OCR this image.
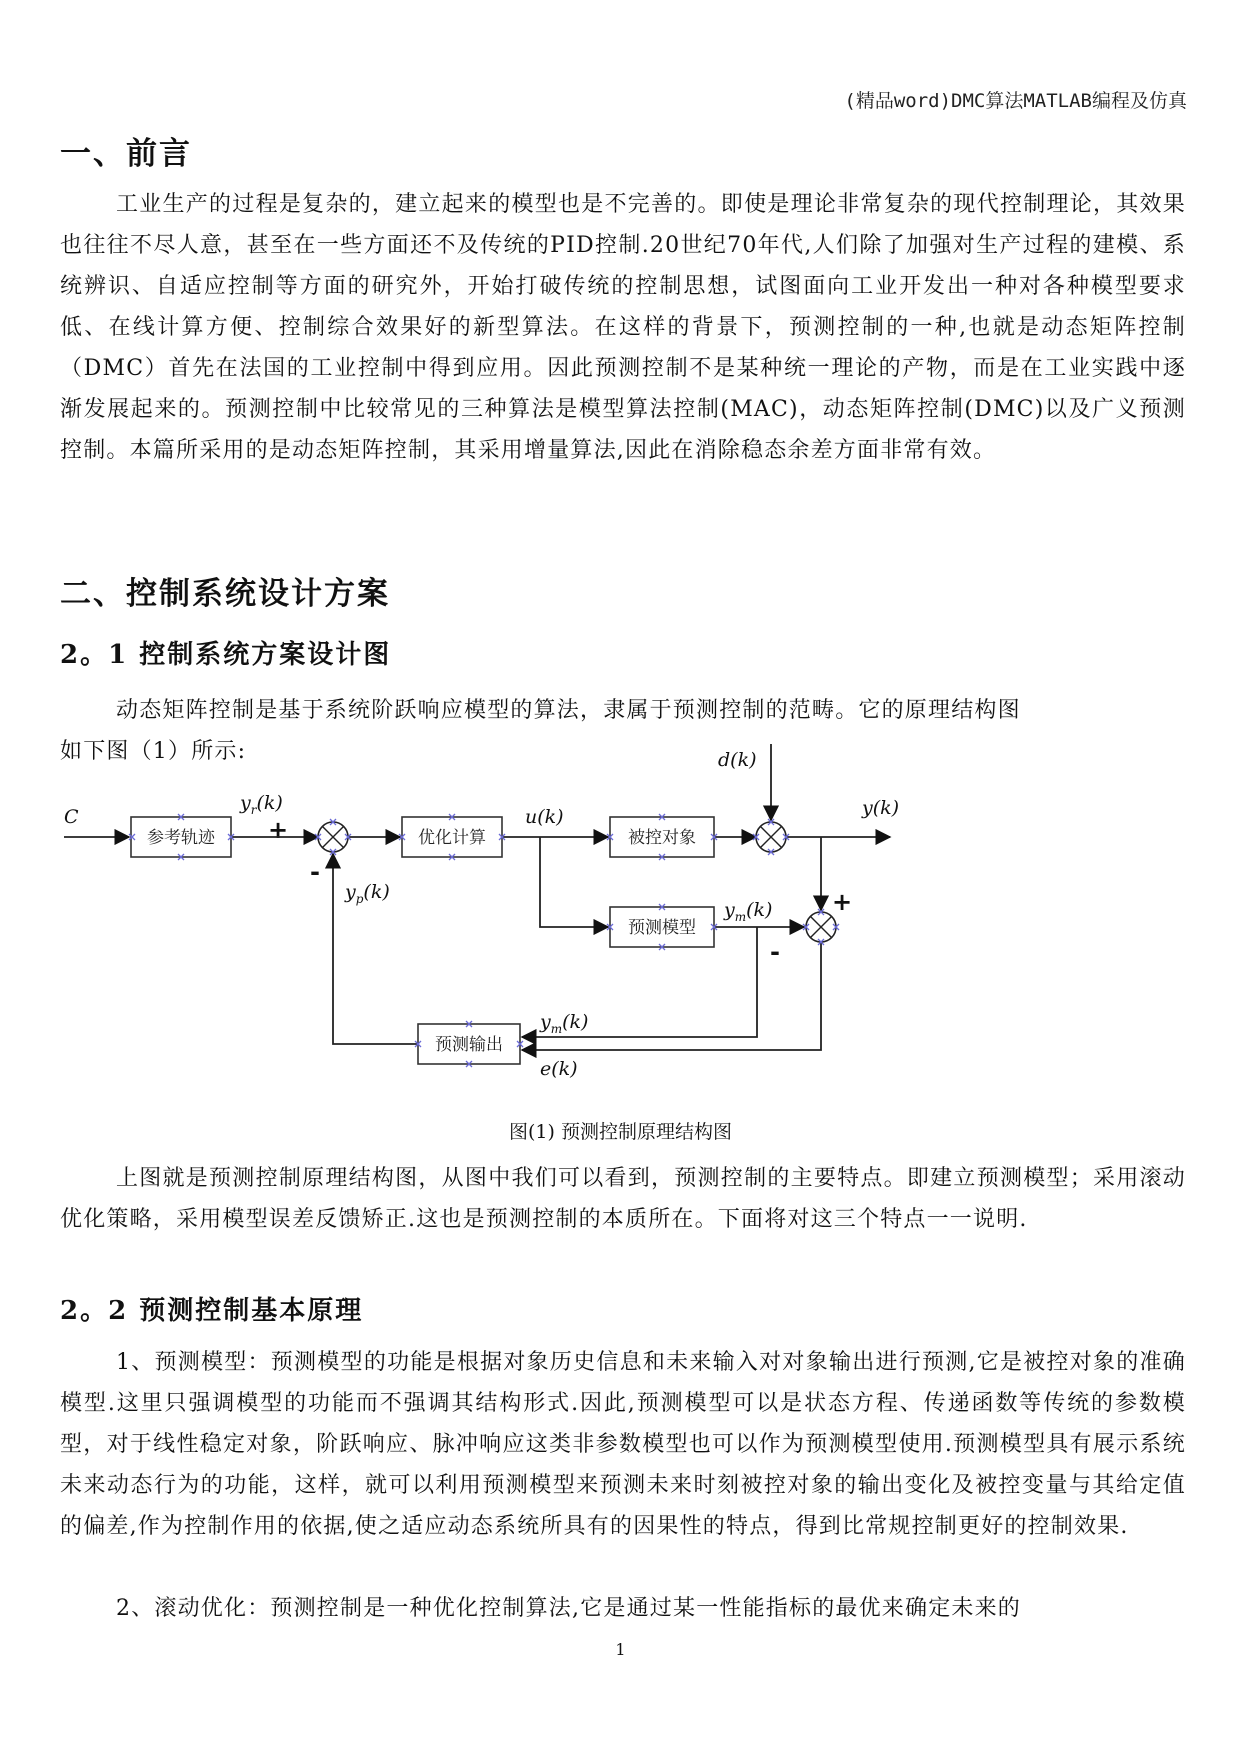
(精品word)DMC算法MATLAB编程及仿真
一、前言

工业生产的过程是复杂的，建立起来的模型也是不完善的。即使是理论非常复杂的现代控制理论，其效果也往往不尽人意，甚至在一些方面还不及传统的PID控制.20世纪70年代,人们除了加强对生产过程的建模、系统辨识、自适应控制等方面的研究外，开始打破传统的控制思想，试图面向工业开发出一种对各种模型要求低、在线计算方便、控制综合效果好的新型算法。在这样的背景下，预测控制的一种,也就是动态矩阵控制（DMC）首先在法国的工业控制中得到应用。因此预测控制不是某种统一理论的产物，而是在工业实践中逐渐发展起来的。预测控制中比较常见的三种算法是模型算法控制(MAC)，动态矩阵控制(DMC)以及广义预测控制。本篇所采用的是动态矩阵控制，其采用增量算法,因此在消除稳态余差方面非常有效。

二、控制系统设计方案
2。1 控制系统方案设计图

动态矩阵控制是基于系统阶跃响应模型的算法，隶属于预测控制的范畴。它的原理结构图

如下图（1）所示:

C
参考轨迹
$y_r(k)$
+
-
优化计算
u(k)
被控对象
d(k)
y(k)
+
预测模型
$y_m(k)$
-
$y_m(k)$
e(k)
预测输出
$y_p(k)$
图(1) 预测控制原理结构图

上图就是预测控制原理结构图，从图中我们可以看到，预测控制的主要特点。即建立预测模型；采用滚动优化策略，采用模型误差反馈矫正.这也是预测控制的本质所在。下面将对这三个特点一一说明.

2。2 预测控制基本原理

1、预测模型：预测模型的功能是根据对象历史信息和未来输入对对象输出进行预测,它是被控对象的准确模型.这里只强调模型的功能而不强调其结构形式.因此,预测模型可以是状态方程、传递函数等传统的参数模型，对于线性稳定对象，阶跃响应、脉冲响应这类非参数模型也可以作为预测模型使用.预测模型具有展示系统未来动态行为的功能，这样，就可以利用预测模型来预测未来时刻被控对象的输出变化及被控变量与其给定值的偏差,作为控制作用的依据,使之适应动态系统所具有的因果性的特点，得到比常规控制更好的控制效果.

2、滚动优化：预测控制是一种优化控制算法,它是通过某一性能指标的最优来确定未来的

1
